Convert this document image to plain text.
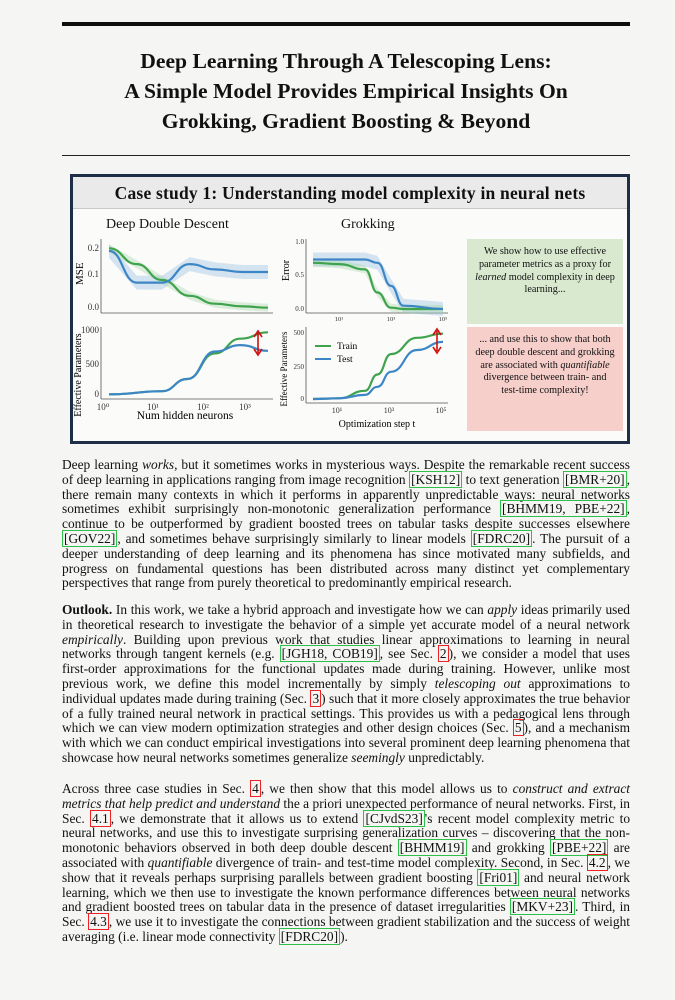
Deep Learning Through A Telescoping Lens:
A Simple Model Provides Empirical Insights On
Grokking, Gradient Boosting & Beyond
Case study 1: Understanding model complexity in neural nets
Deep Double Descent	Grokking
MSE
0.2
0.1
0.0
Effective Parameters
1000
500
0
10⁰	10¹	10²	10³
Num hidden neurons
Error
1.0
0.5
0.0
10¹	10³	10⁵
Effective Parameters 500
250
0
10¹	10³	10⁵
Train
Test
Optimization step t
We show how to use effective parameter metrics as a proxy for learned model complexity in deep learning...
... and use this to show that both deep double descent and grokking are associated with quantifiable divergence between train- and test-time complexity!
Deep learning works, but it sometimes works in mysterious ways. Despite the remarkable recent success of deep learning in applications ranging from image recognition [KSH12] to text generation [BMR+20] , there remain many contexts in which it performs in apparently unpredictable ways: neural networks sometimes exhibit surprisingly non-monotonic generalization performance [BHMM19, PBE+22] , continue to be outperformed by gradient boosted trees on tabular tasks despite successes elsewhere [GOV22] , and sometimes behave surprisingly similarly to linear models [FDRC20] . The pursuit of a deeper understanding of deep learning and its phenomena has since motivated many subfields, and progress on fundamental questions has been distributed across many distinct yet complementary perspectives that range from purely theoretical to predominantly empirical research.
Outlook. In this work, we take a hybrid approach and investigate how we can apply ideas primarily used in theoretical research to investigate the behavior of a simple yet accurate model of a neural network empirically. Building upon previous work that studies linear approximations to learning in neural networks through tangent kernels (e.g. [JGH18, COB19] , see Sec. 2 ), we consider a model that uses first-order approximations for the functional updates made during training. However, unlike most previous work, we define this model incrementally by simply telescoping out approximations to individual updates made during training (Sec. 3 ) such that it more closely approximates the true behavior of a fully trained neural network in practical settings. This provides us with a pedagogical lens through which we can view modern optimization strategies and other design choices (Sec. 5 ), and a mechanism with which we can conduct empirical investigations into several prominent deep learning phenomena that showcase how neural networks sometimes generalize seemingly unpredictably.
Across three case studies in Sec. 4 , we then show that this model allows us to construct and extract metrics that help predict and understand the a priori unexpected performance of neural networks. First, in Sec. 4.1 , we demonstrate that it allows us to extend [CJvdS23] 's recent model complexity metric to neural networks, and use this to investigate surprising generalization curves – discovering that the non-monotonic behaviors observed in both deep double descent [BHMM19] and grokking [PBE+22] are associated with quantifiable divergence of train- and test-time model complexity. Second, in Sec. 4.2 , we show that it reveals perhaps surprising parallels between gradient boosting [Fri01] and neural network learning, which we then use to investigate the known performance differences between neural networks and gradient boosted trees on tabular data in the presence of dataset irregularities [MKV+23] . Third, in Sec. 4.3 , we use it to investigate the connections between gradient stabilization and the success of weight averaging (i.e. linear mode connectivity [FDRC20] ).
